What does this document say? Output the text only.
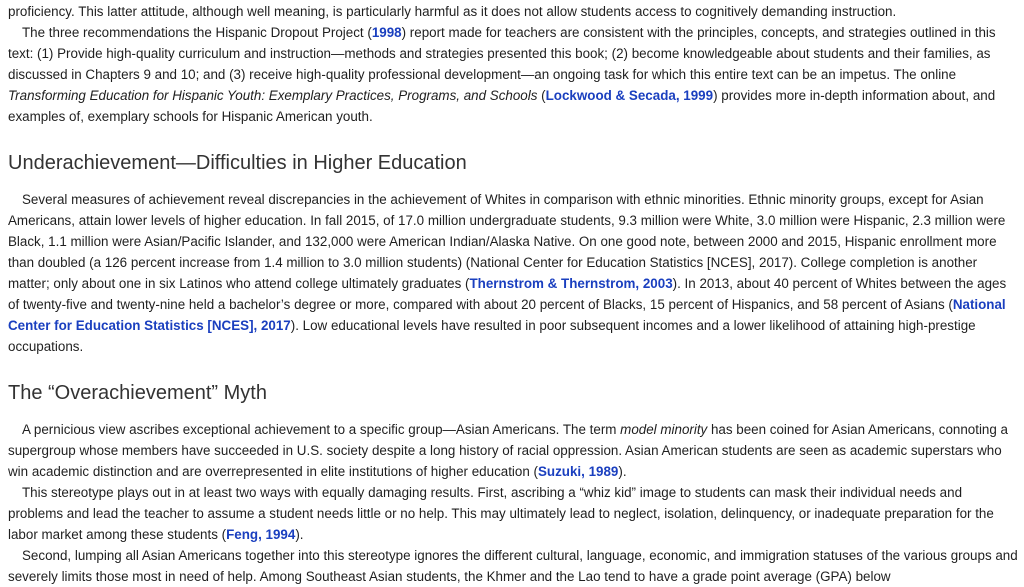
proficiency. This latter attitude, although well meaning, is particularly harmful as it does not allow students access to cognitively demanding instruction.

The three recommendations the Hispanic Dropout Project (1998) report made for teachers are consistent with the principles, concepts, and strategies outlined in this text: (1) Provide high-quality curriculum and instruction—methods and strategies presented this book; (2) become knowledgeable about students and their families, as discussed in Chapters 9 and 10; and (3) receive high-quality professional development—an ongoing task for which this entire text can be an impetus. The online Transforming Education for Hispanic Youth: Exemplary Practices, Programs, and Schools (Lockwood & Secada, 1999) provides more in-depth information about, and examples of, exemplary schools for Hispanic American youth.

Underachievement—Difficulties in Higher Education

Several measures of achievement reveal discrepancies in the achievement of Whites in comparison with ethnic minorities. Ethnic minority groups, except for Asian Americans, attain lower levels of higher education. In fall 2015, of 17.0 million undergraduate students, 9.3 million were White, 3.0 million were Hispanic, 2.3 million were Black, 1.1 million were Asian/Pacific Islander, and 132,000 were American Indian/Alaska Native. On one good note, between 2000 and 2015, Hispanic enrollment more than doubled (a 126 percent increase from 1.4 million to 3.0 million students) (National Center for Education Statistics [NCES], 2017). College completion is another matter; only about one in six Latinos who attend college ultimately graduates (Thernstrom & Thernstrom, 2003). In 2013, about 40 percent of Whites between the ages of twenty-five and twenty-nine held a bachelor’s degree or more, compared with about 20 percent of Blacks, 15 percent of Hispanics, and 58 percent of Asians (National Center for Education Statistics [NCES], 2017). Low educational levels have resulted in poor subsequent incomes and a lower likelihood of attaining high-prestige occupations.

The “Overachievement” Myth

A pernicious view ascribes exceptional achievement to a specific group—Asian Americans. The term model minority has been coined for Asian Americans, connoting a supergroup whose members have succeeded in U.S. society despite a long history of racial oppression. Asian American students are seen as academic superstars who win academic distinction and are overrepresented in elite institutions of higher education (Suzuki, 1989).

This stereotype plays out in at least two ways with equally damaging results. First, ascribing a “whiz kid” image to students can mask their individual needs and problems and lead the teacher to assume a student needs little or no help. This may ultimately lead to neglect, isolation, delinquency, or inadequate preparation for the labor market among these students (Feng, 1994).

Second, lumping all Asian Americans together into this stereotype ignores the different cultural, language, economic, and immigration statuses of the various groups and severely limits those most in need of help. Among Southeast Asian students, the Khmer and the Lao tend to have a grade point average (GPA) below
